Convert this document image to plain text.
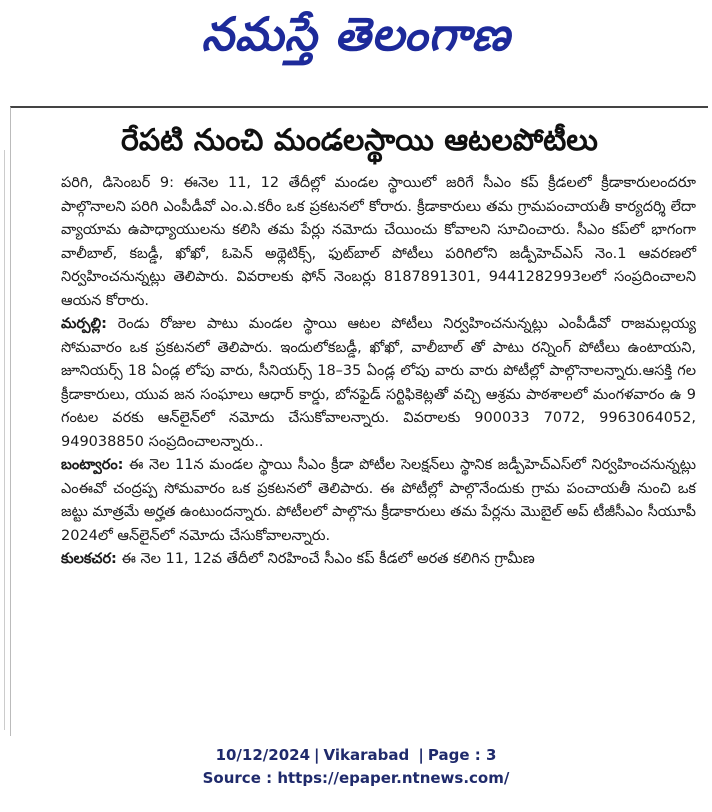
నమస్తే తెలంగాణ
రేపటి నుంచి మండలస్థాయి ఆటలపోటీలు

పరిగి, డిసెంబర్ 9: ఈనెల 11, 12 తేదీల్లో మండల స్థాయిలో జరిగే సీఎం కప్ క్రీడలలో క్రీడాకారులందరూ పాల్గొనాలని పరిగి ఎంపీడీవో ఎం.ఎ.కరీం ఒక ప్రకటనలో కోరారు. క్రీడాకారులు తమ గ్రామపంచాయతీ కార్యదర్శి లేదా వ్యాయామ ఉపాధ్యాయులను కలిసి తమ పేర్లు నమోదు చేయించు కోవాలని సూచించారు. సీఎం కప్‌లో భాగంగా వాలీబాల్, కబడ్డీ, ఖోఖో, ఓపెన్ అథ్లెటిక్స్, ఫుట్‌బాల్ పోటీలు పరిగిలోని జడ్పీహెచ్ఎస్ నెం.1 ఆవరణలో నిర్వహించనున్నట్లు తెలిపారు. వివరాలకు ఫోన్ నెంబర్లు 8187891301, 9441282993లలో సంప్రదించాలని ఆయన కోరారు.

మర్పల్లి: రెండు రోజుల పాటు మండల స్థాయి ఆటల పోటీలు నిర్వహించనున్నట్లు ఎంపీడీవో రాజమల్లయ్య సోమవారం ఒక ప్రకటనలో తెలిపారు. ఇందులోకబడ్డీ, ఖోఖో, వాలీబాల్ తో పాటు రన్నింగ్ పోటీలు ఉంటాయని, జూనియర్స్ 18 ఏండ్ల లోపు వారు, సీనియర్స్ 18–35 ఏండ్ల లోపు వారు వారు పోటీల్లో పాల్గొనాలన్నారు.ఆసక్తి గల క్రీడాకారులు, యువ జన సంఘాలు ఆధార్ కార్డు, బోనఫైడ్ సర్టిఫికెట్లతో వచ్చి ఆశ్రమ పాఠశాలలో మంగళవారం ఉ 9 గంటల వరకు ఆన్‌లైన్‌లో నమోదు చేసుకోవాలన్నారు. వివరాలకు 900033 7072, 9963064052, 949038850 సంప్రదించాలన్నారు..

బంట్వారం: ఈ నెల 11న మండల స్థాయి సీఎం క్రీడా పోటీల సెలక్షన్‌లు స్థానిక జడ్పీహెచ్ఎస్‌లో నిర్వహించనున్నట్లు ఎంఈవో చంద్రప్ప సోమవారం ఒక ప్రకటనలో తెలిపారు. ఈ పోటీల్లో పాల్గొనేందుకు గ్రామ పంచాయతీ నుంచి ఒక జట్టు మాత్రమే అర్హత ఉంటుందన్నారు. పోటీలలో పాల్గొను క్రీడాకారులు తమ పేర్లను మొబైల్ అప్ టీజీసీఎం సీయూపీ 2024లో ఆన్‌లైన్‌లో నమోదు చేసుకోవాలన్నారు.

కులకచర: ఈ నెల 11, 12వ తేదీలో నిరహించే సీఎం కప్ కీడలో అరత కలిగిన గ్రామీణ

10/12/2024 | Vikarabad | Page : 3
Source : https://epaper.ntnews.com/
